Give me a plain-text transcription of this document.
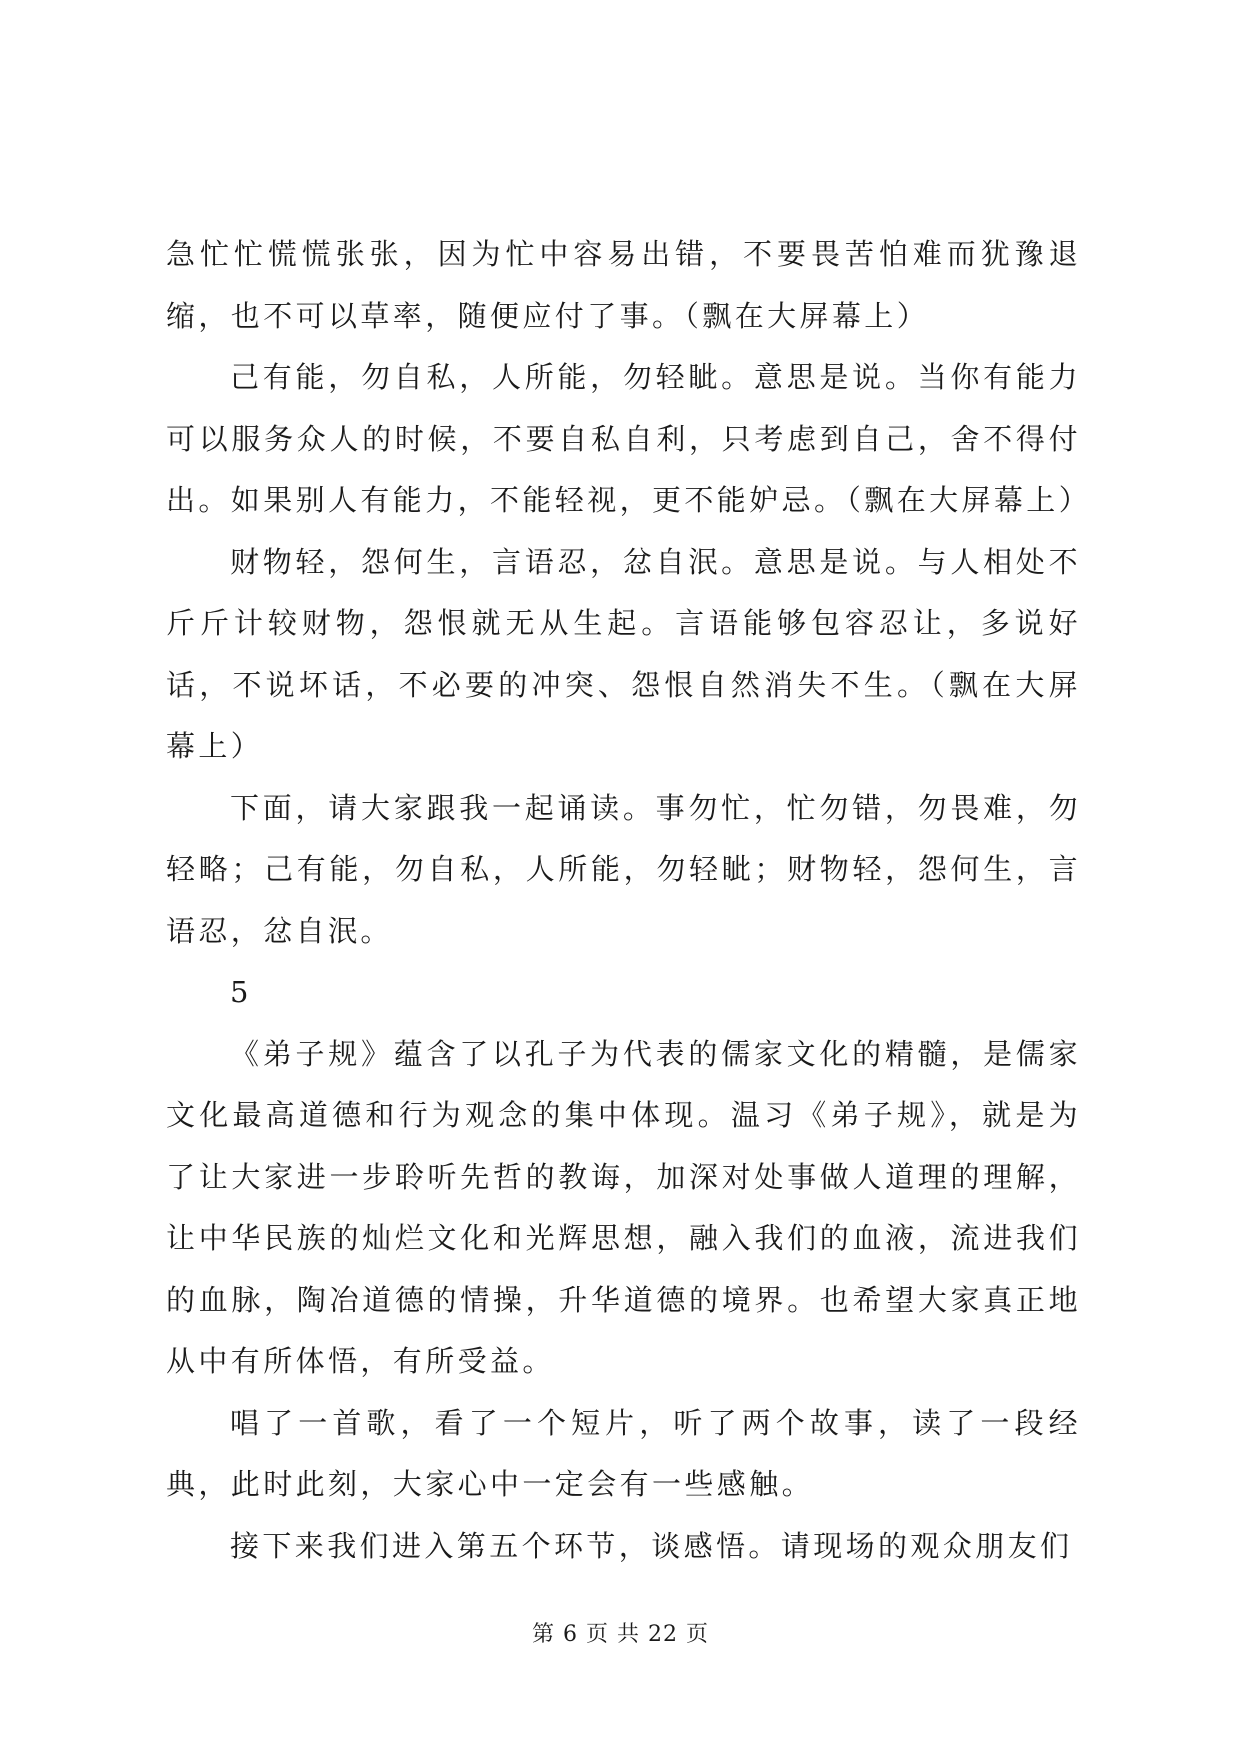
急忙忙慌慌张张，因为忙中容易出错，不要畏苦怕难而犹豫退缩，也不可以草率，随便应付了事。（飘在大屏幕上）

己有能，勿自私，人所能，勿轻眦。意思是说。当你有能力可以服务众人的时候，不要自私自利，只考虑到自己，舍不得付出。如果别人有能力，不能轻视，更不能妒忌。（飘在大屏幕上）

财物轻，怨何生，言语忍，忿自泯。意思是说。与人相处不斤斤计较财物，怨恨就无从生起。言语能够包容忍让，多说好话，不说坏话，不必要的冲突、怨恨自然消失不生。（飘在大屏幕上）

下面，请大家跟我一起诵读。事勿忙，忙勿错，勿畏难，勿轻略；己有能，勿自私，人所能，勿轻眦；财物轻，怨何生，言语忍，忿自泯。

5

《弟子规》蕴含了以孔子为代表的儒家文化的精髓，是儒家文化最高道德和行为观念的集中体现。温习《弟子规》，就是为了让大家进一步聆听先哲的教诲，加深对处事做人道理的理解，让中华民族的灿烂文化和光辉思想，融入我们的血液，流进我们的血脉，陶冶道德的情操，升华道德的境界。也希望大家真正地从中有所体悟，有所受益。

唱了一首歌，看了一个短片，听了两个故事，读了一段经典，此时此刻，大家心中一定会有一些感触。

接下来我们进入第五个环节，谈感悟。请现场的观众朋友们

第 6 页 共 22 页
